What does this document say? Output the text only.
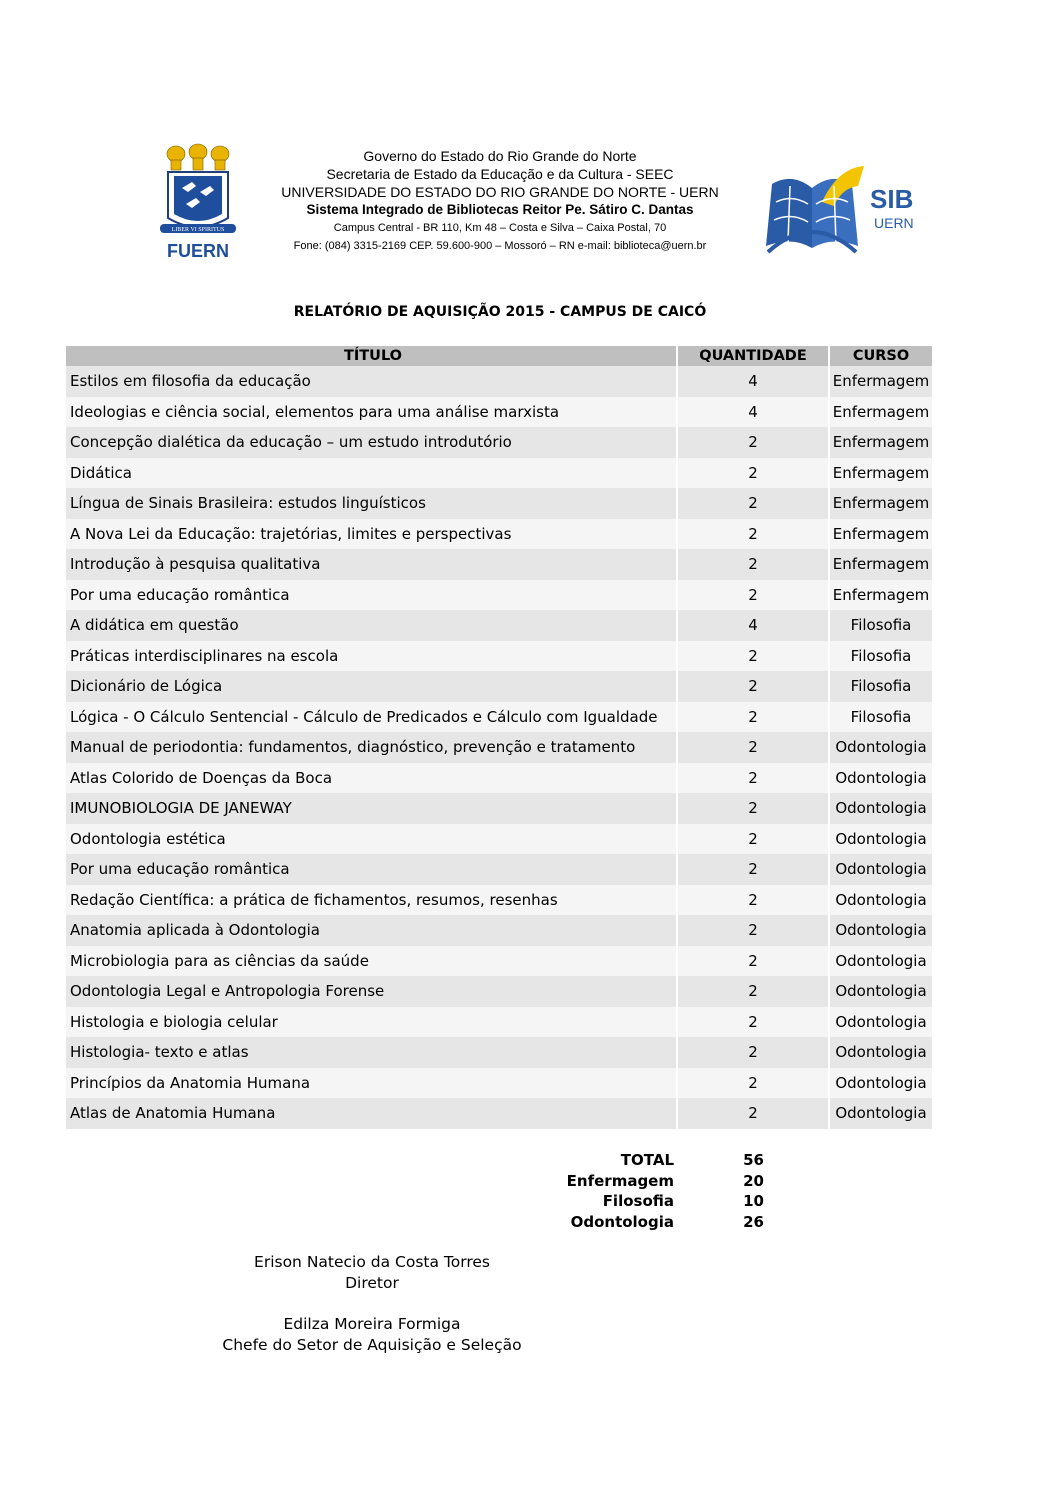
LIBER VI SPIRITUS
FUERN
Governo do Estado do Rio Grande do Norte
Secretaria de Estado da Educação e da Cultura - SEEC
UNIVERSIDADE DO ESTADO DO RIO GRANDE DO NORTE - UERN
Sistema Integrado de Bibliotecas Reitor Pe. Sátiro C. Dantas
Campus Central - BR 110, Km 48 – Costa e Silva – Caixa Postal, 70
Fone: (084) 3315-2169 CEP. 59.600-900 – Mossoró – RN e-mail: biblioteca@uern.br
SIB
UERN
RELATÓRIO DE AQUISIÇÃO 2015 - CAMPUS DE CAICÓ
TÍTULO	QUANTIDADE	CURSO
Estilos em filosofia da educação	4	Enfermagem
Ideologias e ciência social, elementos para uma análise marxista	4	Enfermagem
Concepção dialética da educação – um estudo introdutório	2	Enfermagem
Didática	2	Enfermagem
Língua de Sinais Brasileira: estudos linguísticos	2	Enfermagem
A Nova Lei da Educação: trajetórias, limites e perspectivas	2	Enfermagem
Introdução à pesquisa qualitativa	2	Enfermagem
Por uma educação romântica	2	Enfermagem
A didática em questão	4	Filosofia
Práticas interdisciplinares na escola	2	Filosofia
Dicionário de Lógica	2	Filosofia
Lógica - O Cálculo Sentencial - Cálculo de Predicados e Cálculo com Igualdade	2	Filosofia
Manual de periodontia: fundamentos, diagnóstico, prevenção e tratamento	2	Odontologia
Atlas Colorido de Doenças da Boca	2	Odontologia
IMUNOBIOLOGIA DE JANEWAY	2	Odontologia
Odontologia estética	2	Odontologia
Por uma educação romântica	2	Odontologia
Redação Científica: a prática de fichamentos, resumos, resenhas	2	Odontologia
Anatomia aplicada à Odontologia	2	Odontologia
Microbiologia para as ciências da saúde	2	Odontologia
Odontologia Legal e Antropologia Forense	2	Odontologia
Histologia e biologia celular	2	Odontologia
Histologia- texto e atlas	2	Odontologia
Princípios da Anatomia Humana	2	Odontologia
Atlas de Anatomia Humana	2	Odontologia
TOTAL	56
Enfermagem	20
Filosofia	10
Odontologia	26
Erison Natecio da Costa Torres
Diretor
Edilza Moreira Formiga
Chefe do Setor de Aquisição e Seleção
